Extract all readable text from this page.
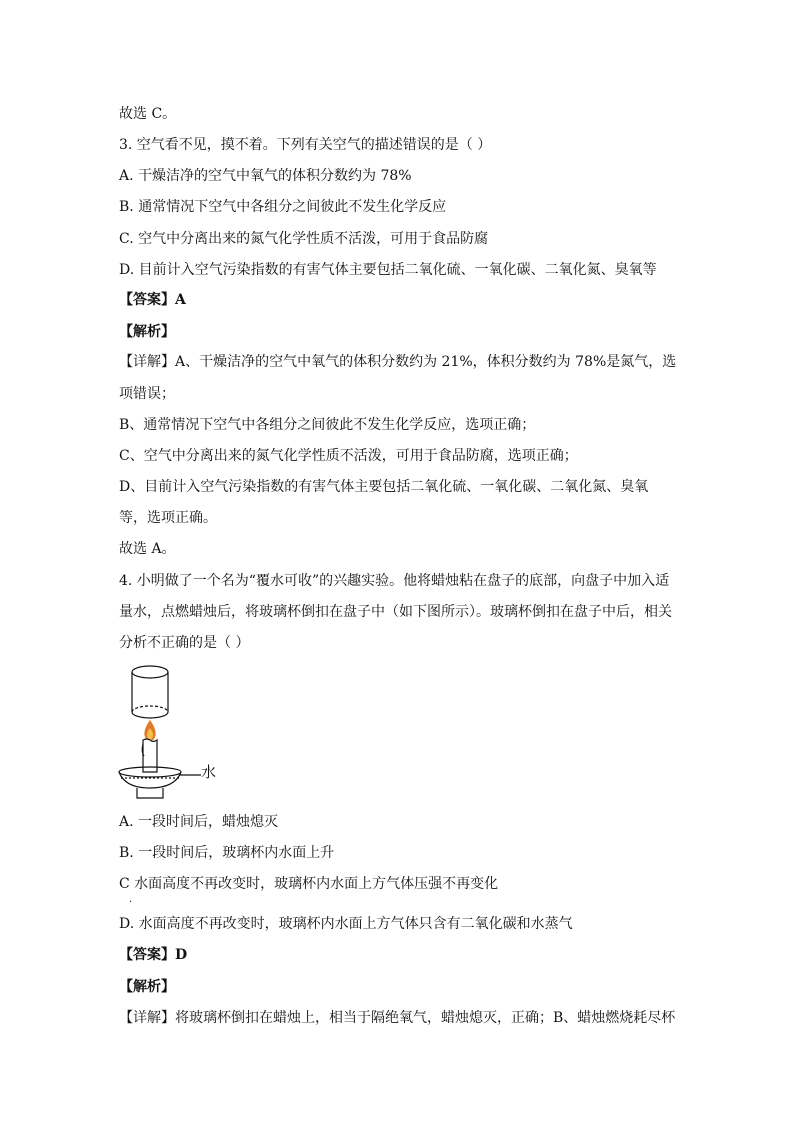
故选 C。
3. 空气看不见，摸不着。下列有关空气的描述错误的是（ ）
A. 干燥洁净的空气中氧气的体积分数约为 78%
B. 通常情况下空气中各组分之间彼此不发生化学反应
C. 空气中分离出来的氮气化学性质不活泼，可用于食品防腐
D. 目前计入空气污染指数的有害气体主要包括二氧化硫、一氧化碳、二氧化氮、臭氧等
【答案】A
【解析】
【详解】A、干燥洁净的空气中氧气的体积分数约为 21%，体积分数约为 78%是氮气，选
项错误；
B、通常情况下空气中各组分之间彼此不发生化学反应，选项正确；
C、空气中分离出来的氮气化学性质不活泼，可用于食品防腐，选项正确；
D、目前计入空气污染指数的有害气体主要包括二氧化硫、一氧化碳、二氧化氮、臭氧
等，选项正确。
故选 A。
4. 小明做了一个名为“覆水可收”的兴趣实验。他将蜡烛粘在盘子的底部，向盘子中加入适
量水，点燃蜡烛后，将玻璃杯倒扣在盘子中（如下图所示）。玻璃杯倒扣在盘子中后，相关
分析不正确的是（ ）
水
A. 一段时间后，蜡烛熄灭
B. 一段时间后，玻璃杯内水面上升
C 水面高度不再改变时，玻璃杯内水面上方气体压强不再变化
.
D. 水面高度不再改变时，玻璃杯内水面上方气体只含有二氧化碳和水蒸气
【答案】D
【解析】
【详解】将玻璃杯倒扣在蜡烛上，相当于隔绝氧气，蜡烛熄灭，正确；B、蜡烛燃烧耗尽杯
